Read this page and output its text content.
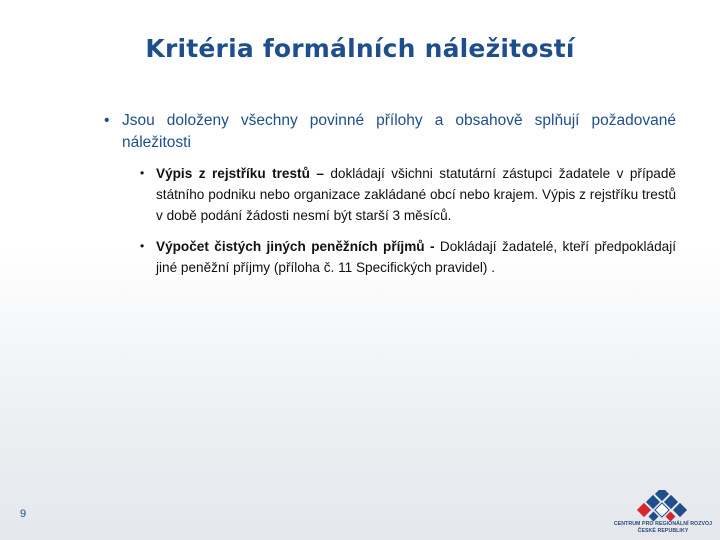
Kritéria formálních náležitostí
• Jsou doloženy všechny povinné přílohy a obsahově splňují požadované náležitosti
• Výpis z rejstříku trestů – dokládají všichni statutární zástupci žadatele v případě státního podniku nebo organizace zakládané obcí nebo krajem. Výpis z rejstříku trestů v době podání žádosti nesmí být starší 3 měsíců.
• Výpočet čistých jiných peněžních příjmů - Dokládají žadatelé, kteří předpokládají jiné peněžní příjmy (příloha č. 11 Specifických pravidel) .
9
CENTRUM PRO REGIONÁLNÍ ROZVOJ
ČESKÉ REPUBLIKY
